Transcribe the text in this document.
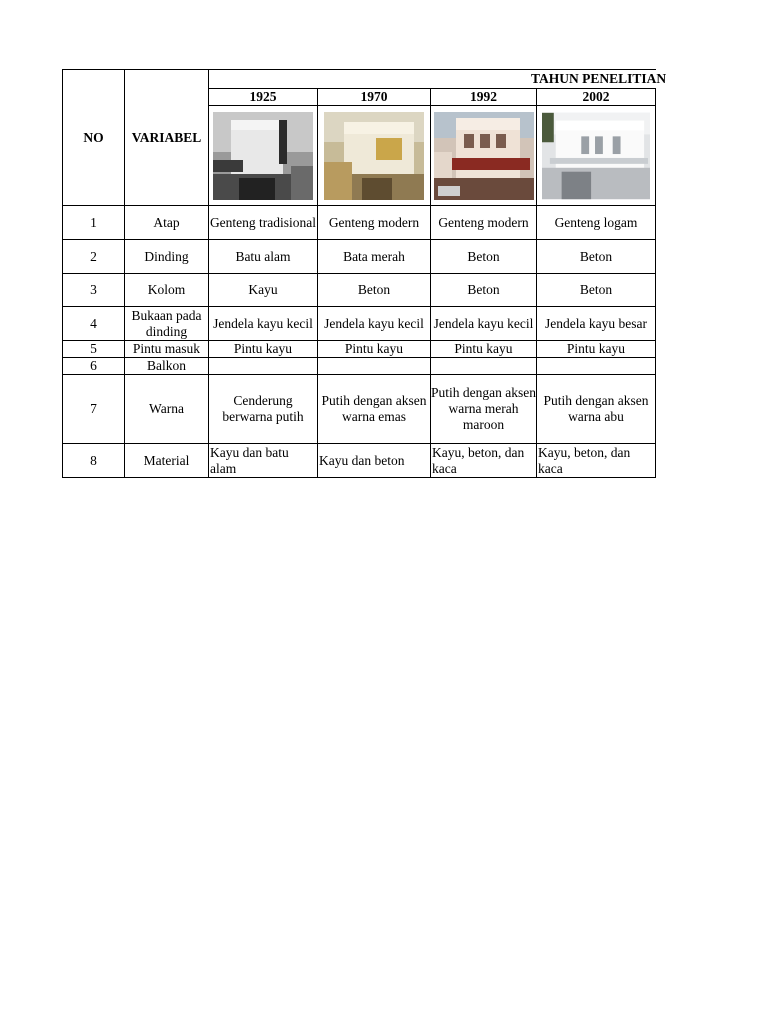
NO	VARIABEL	TAHUN PENELITIAN			

		1925	1970	1992	2002

1	Atap	Genteng tradisional	Genteng modern	Genteng modern	Genteng logam
2	Dinding	Batu alam	Bata merah	Beton	Beton
3	Kolom	Kayu	Beton	Beton	Beton
4	Bukaan pada dinding	Jendela kayu kecil	Jendela kayu kecil	Jendela kayu kecil	Jendela kayu besar
5	Pintu masuk	Pintu kayu	Pintu kayu	Pintu kayu	Pintu kayu
6	Balkon				
7	Warna	Cenderung berwarna putih	Putih dengan aksen warna emas	Putih dengan aksen warna merah maroon	Putih dengan aksen warna abu
8	Material	Kayu dan batu alam	Kayu dan beton	Kayu, beton, dan kaca	Kayu, beton, dan kaca
